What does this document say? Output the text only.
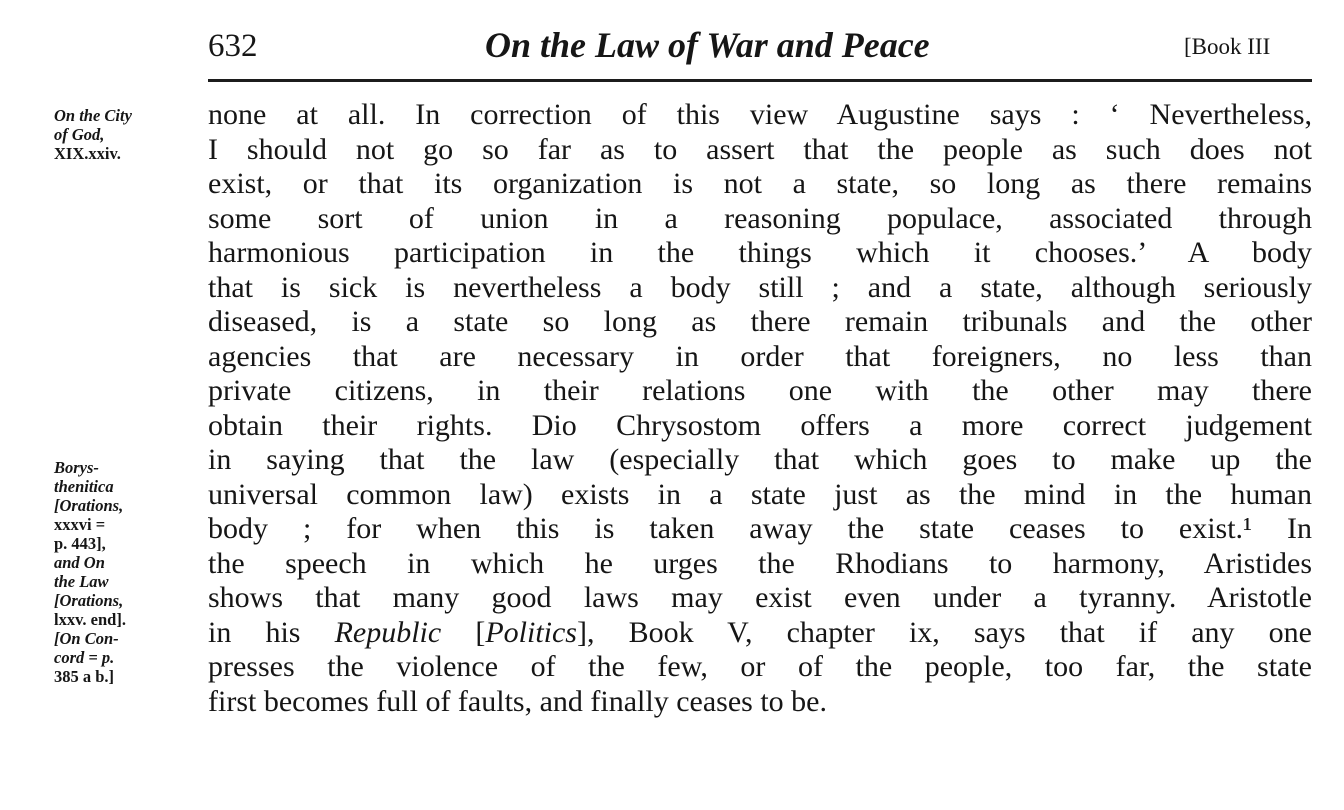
632	On the Law of War and Peace	[Book III
On the City
of God,
XIX.xxiv.
Borys-
thenitica
[Orations,
xxxvi =
p. 443],
and On
the Law
[Orations,
lxxv. end].
[On Con-
cord = p.
385 a b.]
none at all. In correction of this view Augustine says : ‘ Nevertheless,
I should not go so far as to assert that the people as such does not
exist, or that its organization is not a state, so long as there remains
some sort of union in a reasoning populace, associated through
harmonious participation in the things which it chooses.’ A body
that is sick is nevertheless a body still ; and a state, although seriously
diseased, is a state so long as there remain tribunals and the other
agencies that are necessary in order that foreigners, no less than
private citizens, in their relations one with the other may there
obtain their rights. Dio Chrysostom offers a more correct judgement
in saying that the law (especially that which goes to make up the
universal common law) exists in a state just as the mind in the human
body ; for when this is taken away the state ceases to exist.¹ In
the speech in which he urges the Rhodians to harmony, Aristides
shows that many good laws may exist even under a tyranny. Aristotle
in his Republic [Politics], Book V, chapter ix, says that if any one
presses the violence of the few, or of the people, too far, the state
first becomes full of faults, and finally ceases to be.
